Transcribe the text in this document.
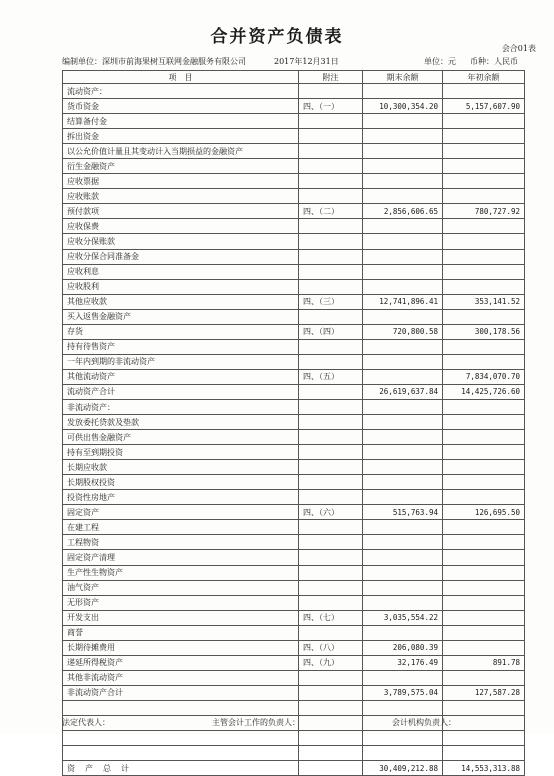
合并资产负债表
会合01表
编制单位：深圳市前海果树互联网金融服务有限公司	2017年12月31日	单位：元 币种：人民币
项　目	附注	期末余额	年初余额
流动资产：			
货币资金	四、（一）	10,300,354.20	5,157,607.90
结算备付金			
拆出资金			
以公允价值计量且其变动计入当期损益的金融资产			
衍生金融资产			
应收票据			
应收账款			
预付款项	四、（二）	2,856,606.65	780,727.92
应收保费			
应收分保账款			
应收分保合同准备金			
应收利息			
应收股利			
其他应收款	四、（三）	12,741,896.41	353,141.52
买入返售金融资产			
存货	四、（四）	720,800.58	300,178.56
持有待售资产			
一年内到期的非流动资产			
其他流动资产	四、（五）		7,834,070.70
流动资产合计		26,619,637.84	14,425,726.60
非流动资产：			
发放委托贷款及垫款			
可供出售金融资产			
持有至到期投资			
长期应收款			
长期股权投资			
投资性房地产			
固定资产	四、（六）	515,763.94	126,695.50
在建工程			
工程物资			
固定资产清理			
生产性生物资产			
油气资产			
无形资产			
开发支出	四、（七）	3,035,554.22	
商誉			
长期待摊费用	四、（八）	206,080.39	
递延所得税资产	四、（九）	32,176.49	891.78
其他非流动资产			
非流动资产合计		3,789,575.04	127,587.28

资产总计		30,409,212.88	14,553,313.88
法定代表人：	主管会计工作的负责人：	会计机构负责人：
